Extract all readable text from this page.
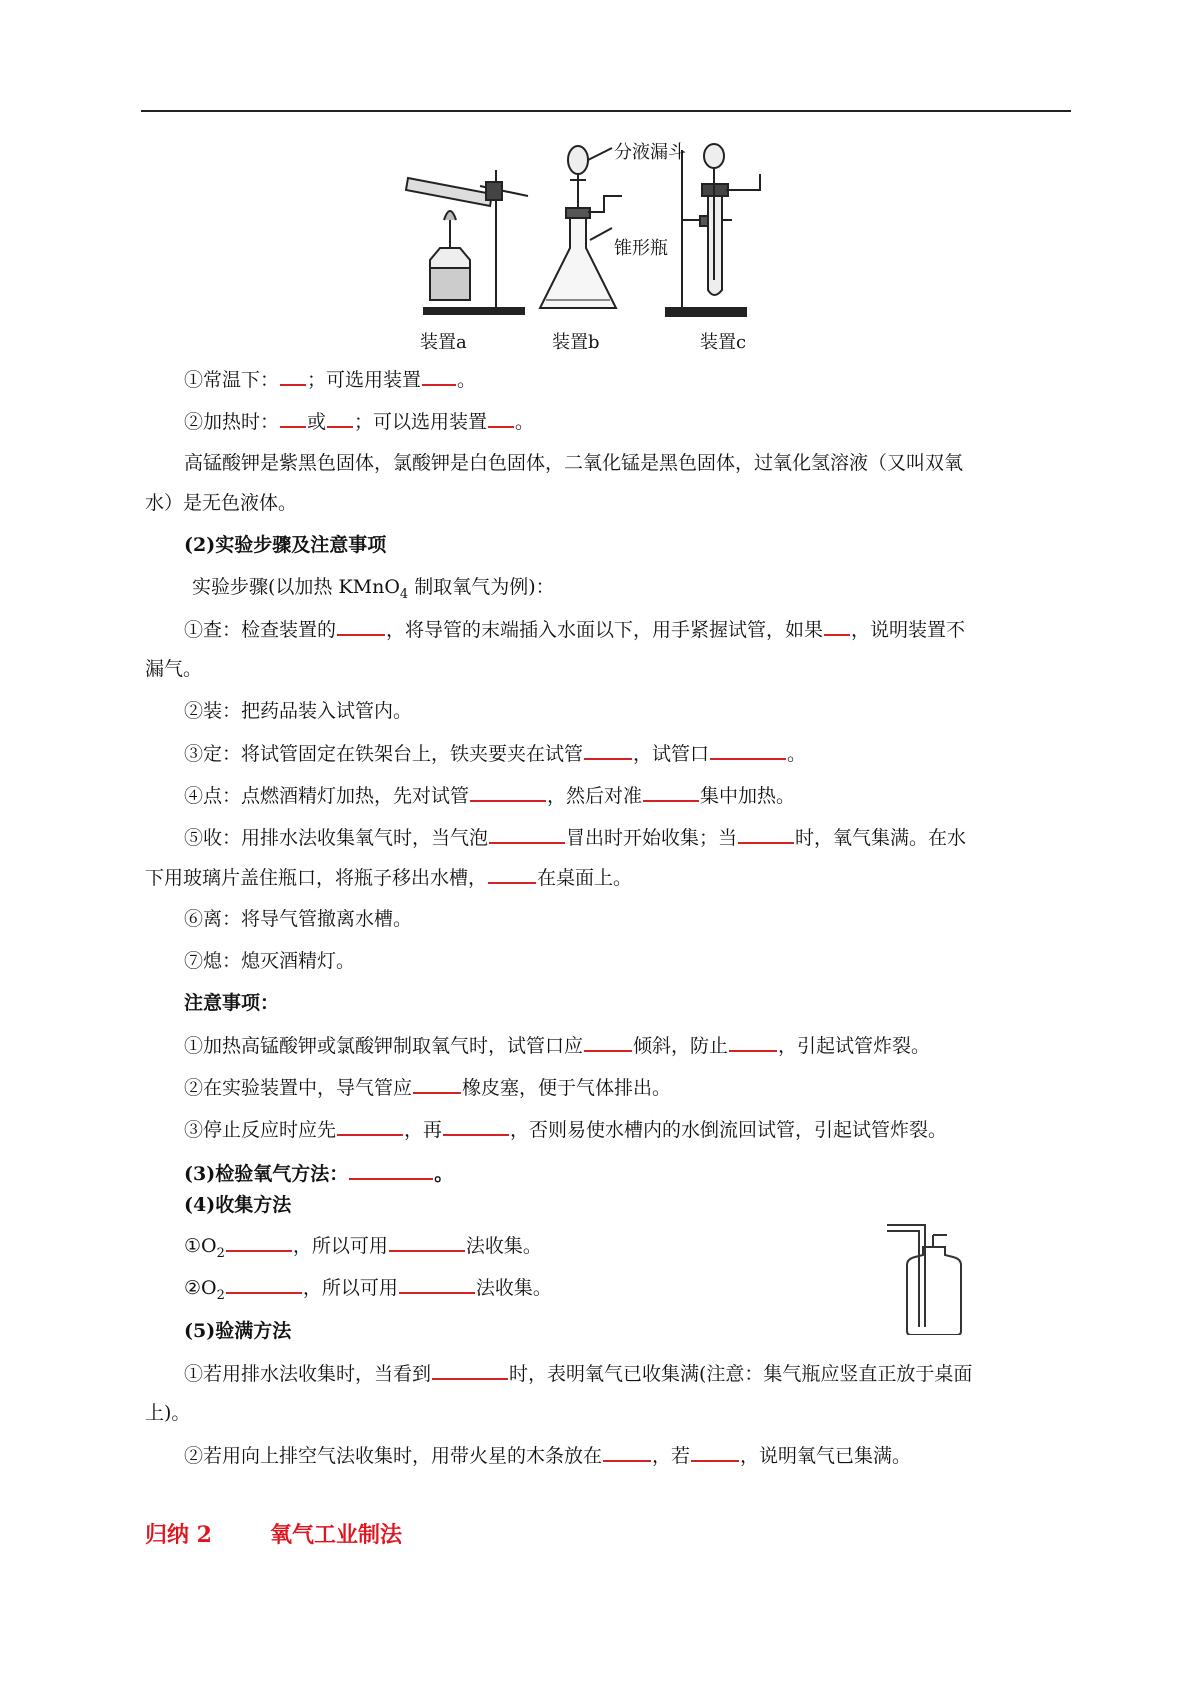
装置a	装置b	装置c
分液漏斗
锥形瓶
①常温下： ；可选用装置 。
②加热时： 或 ；可以选用装置 。
高锰酸钾是紫黑色固体，氯酸钾是白色固体，二氧化锰是黑色固体，过氧化氢溶液（又叫双氧
水）是无色液体。
(2)实验步骤及注意事项
实验步骤(以加热 KMnO$_4$ 制取氧气为例)：
①查：检查装置的	，将导管的末端插入水面以下，用手紧握试管，如果 ，说明装置不
漏气。
②装：把药品装入试管内。
③定：将试管固定在铁架台上，铁夹要夹在试管	，试管口	。
④点：点燃酒精灯加热，先对试管	，然后对准	集中加热。
⑤收：用排水法收集氧气时，当气泡	冒出时开始收集；当	时，氧气集满。在水
下用玻璃片盖住瓶口，将瓶子移出水槽，	在桌面上。
⑥离：将导气管撤离水槽。
⑦熄：熄灭酒精灯。
注意事项：
①加热高锰酸钾或氯酸钾制取氧气时，试管口应	倾斜，防止	，引起试管炸裂。
②在实验装置中，导气管应	橡皮塞，便于气体排出。
③停止反应时应先	，再	，否则易使水槽内的水倒流回试管，引起试管炸裂。
(3)检验氧气方法：	。
(4)收集方法
$①O_2$	，所以可用	法收集。
$②O_2$	，所以可用	法收集。
(5)验满方法
①若用排水法收集时，当看到	时，表明氧气已收集满(注意：集气瓶应竖直正放于桌面
上)。
②若用向上排空气法收集时，用带火星的木条放在	，若	，说明氧气已集满。
归纳 2	氧气工业制法
